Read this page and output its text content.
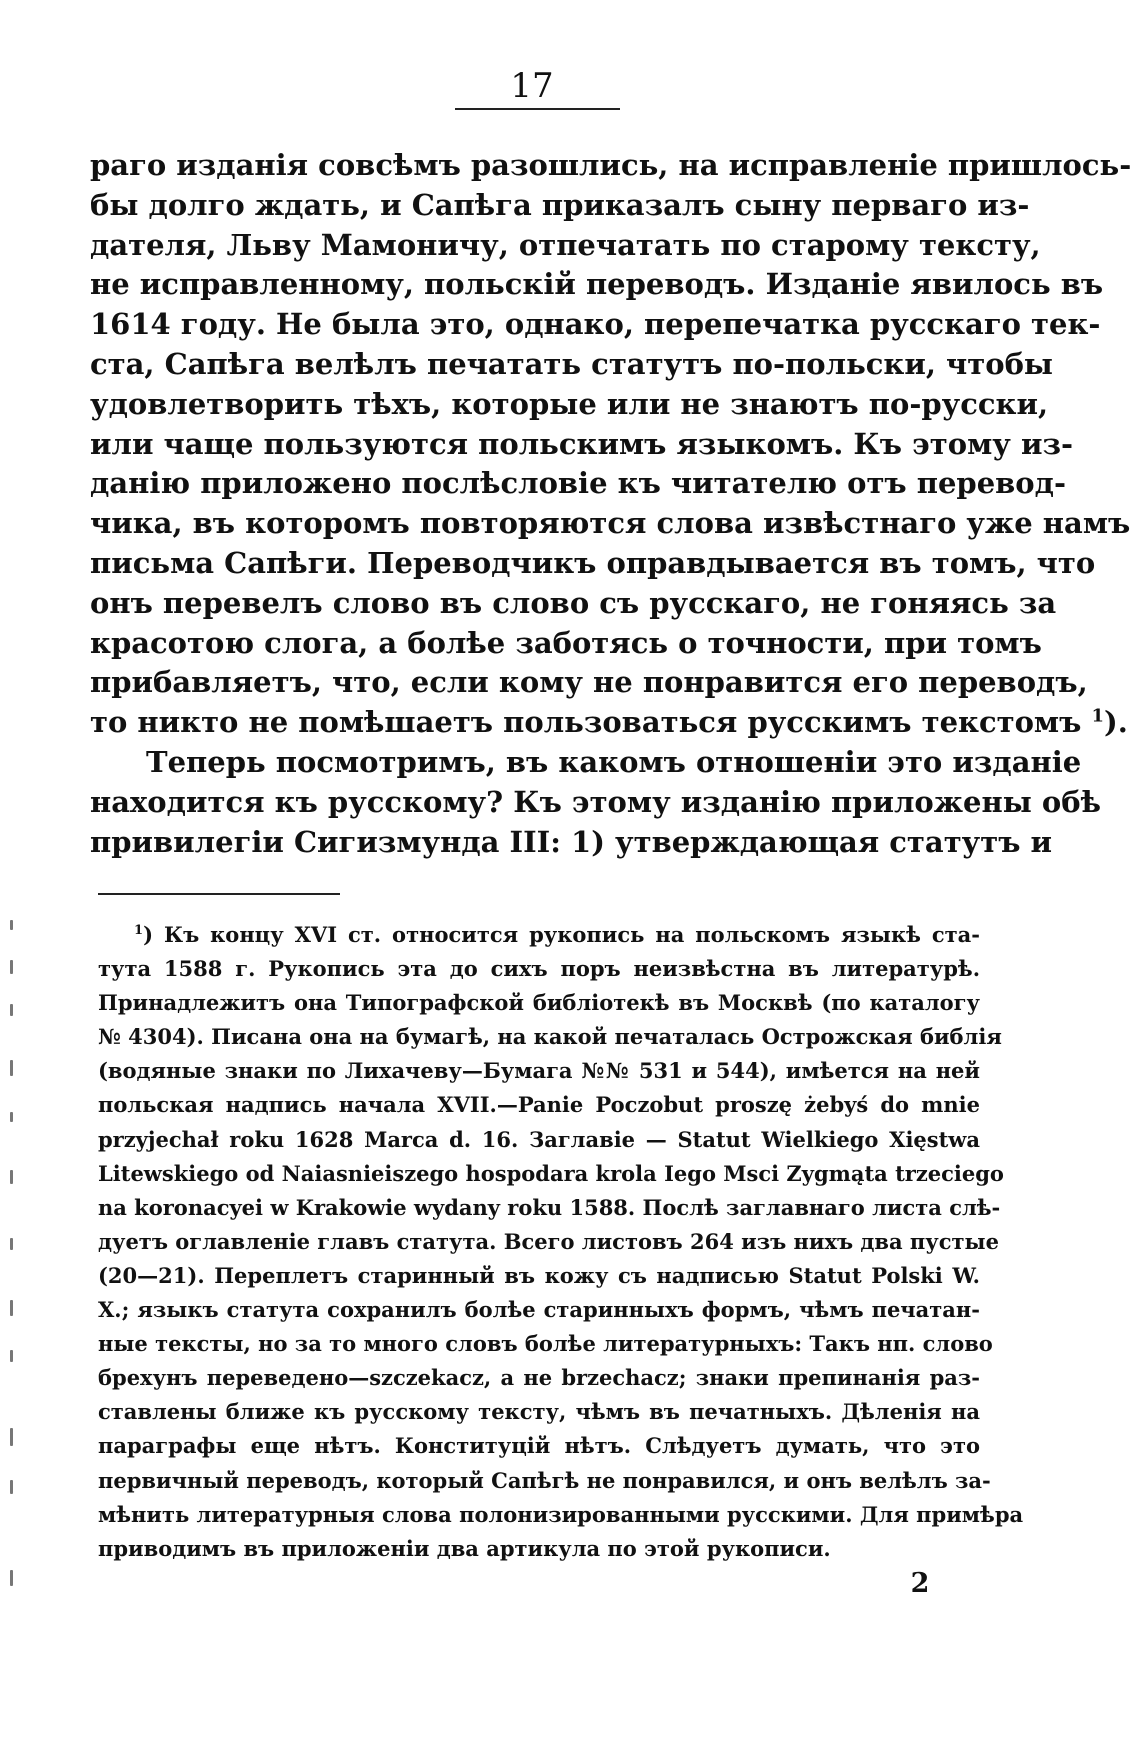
17
раго изданія совсѣмъ разошлись, на исправленіе пришлось-
бы долго ждать, и Сапѣга приказалъ сыну перваго из-
дателя, Льву Мамоничу, отпечатать по старому тексту,
не исправленному, польскій переводъ. Изданіе явилось въ
1614 году. Не была это, однако, перепечатка русскаго тек-
ста, Сапѣга велѣлъ печатать статутъ по-польски, чтобы
удовлетворить тѣхъ, которые или не знаютъ по-русски,
или чаще пользуются польскимъ языкомъ. Къ этому из-
данію приложено послѣсловіе къ читателю отъ перевод-
чика, въ которомъ повторяются слова извѣстнаго уже намъ
письма Сапѣги. Переводчикъ оправдывается въ томъ, что
онъ перевелъ слово въ слово съ русскаго, не гоняясь за
красотою слога, а болѣе заботясь о точности, при томъ
прибавляетъ, что, если кому не понравится его переводъ,
то никто не помѣшаетъ пользоваться русскимъ текстомъ $^1$).
Теперь посмотримъ, въ какомъ отношеніи это изданіе
находится къ русскому? Къ этому изданію приложены обѣ
привилегіи Сигизмунда III: 1) утверждающая статутъ и
$^1$) Къ концу XVI ст. относится рукопись на польскомъ языкѣ ста-
тута 1588 г. Рукопись эта до сихъ поръ неизвѣстна въ литературѣ.
Принадлежитъ она Типографской библіотекѣ въ Москвѣ (по каталогу
№ 4304). Писана она на бумагѣ, на какой печаталась Острожская библія
(водяные знаки по Лихачеву—Бумага №№ 531 и 544), имѣется на ней
польская надпись начала XVII.—Panie Poczobut proszę żebyś do mnie
przyjechał roku 1628 Marca d. 16. Заглавіе — Statut Wielkiego Xięstwa
Litewskiego od Naiasnieiszego hospodara krola Iego Msci Zygmąta trzeciego
na koronacyei w Krakowie wydany roku 1588. Послѣ заглавнаго листа слѣ-
дуетъ оглавленіе главъ статута. Всего листовъ 264 изъ нихъ два пустые
(20—21). Переплетъ старинный въ кожу съ надписью Statut Polski W.
X.; языкъ статута сохранилъ болѣе старинныхъ формъ, чѣмъ печатан-
ные тексты, но за то много словъ болѣе литературныхъ: Такъ нп. слово
брехунъ переведено—szczekacz, а не brzechacz; знаки препинанія раз-
ставлены ближе къ русскому тексту, чѣмъ въ печатныхъ. Дѣленія на
параграфы еще нѣтъ. Конституцій нѣтъ. Слѣдуетъ думать, что это
первичный переводъ, который Сапѣгѣ не понравился, и онъ велѣлъ за-
мѣнить литературныя слова полонизированными русскими. Для примѣра
приводимъ въ приложеніи два артикула по этой рукописи.
2
